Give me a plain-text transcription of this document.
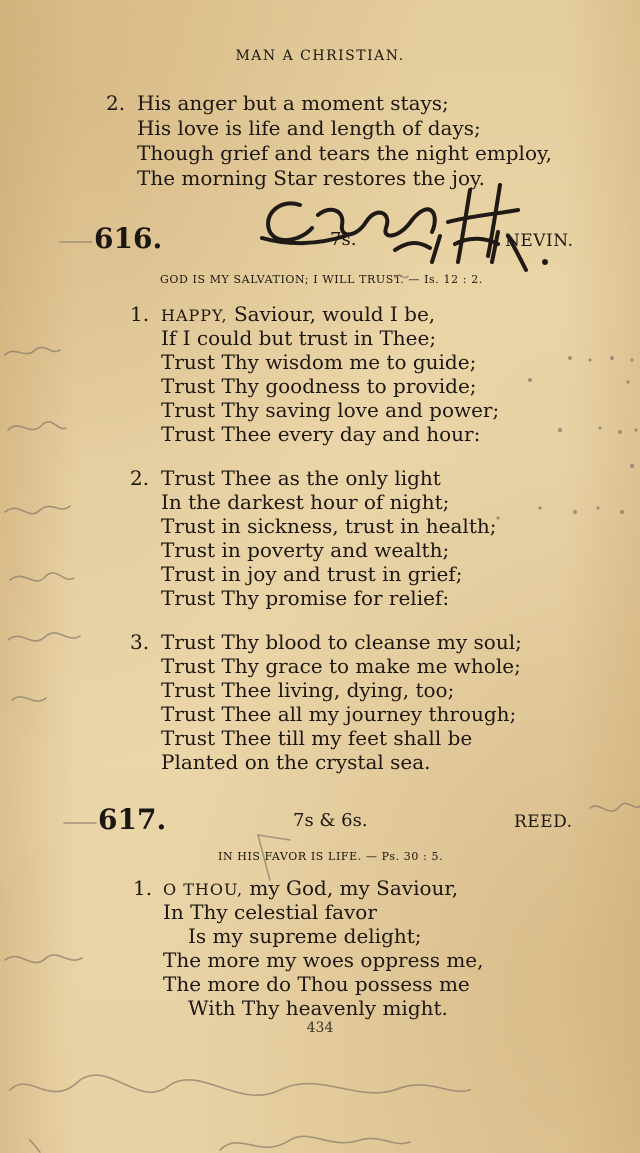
MAN A CHRISTIAN.
2. His anger but a moment stays;
His love is life and length of days;
Though grief and tears the night employ,
The morning Star restores the joy.
616.	7s.	NEVIN.
GOD IS MY SALVATION; I WILL TRUST. — Is. 12 : 2.
1. HAPPY, Saviour, would I be,
If I could but trust in Thee;
Trust Thy wisdom me to guide;
Trust Thy goodness to provide;
Trust Thy saving love and power;
Trust Thee every day and hour:
2. Trust Thee as the only light
In the darkest hour of night;
Trust in sickness, trust in health;
Trust in poverty and wealth;
Trust in joy and trust in grief;
Trust Thy promise for relief:
3. Trust Thy blood to cleanse my soul;
Trust Thy grace to make me whole;
Trust Thee living, dying, too;
Trust Thee all my journey through;
Trust Thee till my feet shall be
Planted on the crystal sea.
617.	7s & 6s.	REED.
IN HIS FAVOR IS LIFE. — Ps. 30 : 5.
1. O THOU, my God, my Saviour,
In Thy celestial favor
Is my supreme delight;
The more my woes oppress me,
The more do Thou possess me
With Thy heavenly might.
434
